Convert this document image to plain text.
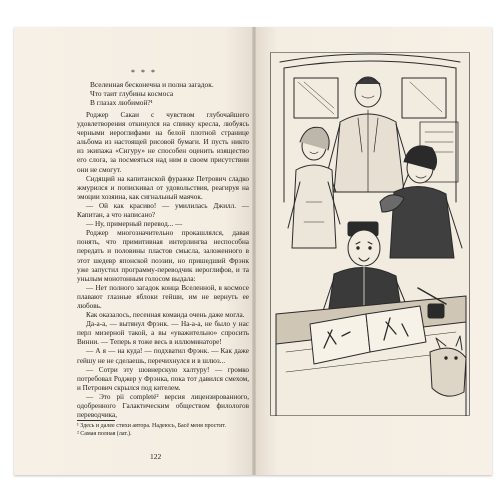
* * *
Вселенная бесконечна и полна загадок.
Что таит глубины космоса
В глазах любимой?¹

Роджер Сакаи с чувством глубочайшего удовлетворения откинулся на спинку кресла, любуясь черными иероглифами на белой плотной странице альбома из настоящей рисовой бумаги. И пусть никто из экипажа «Сигуру» не способен оценить изящество его слога, за посмеяться над ним в своем присутствии они не смогут.

Сидящий на капитанской фуражке Петрович сладко жмурился и попискивал от удовольствия, реагируя на эмоции хозяина, как сигнальный маячок.

— Ой как красиво! — умилилась Джилл. — Капитан, а что написано?

— Ну, примерный перевод... —

Роджер многозначительно прокашлялся, давая понять, что примитивная интерлингва неспособна передать и половины пластов смысла, заложенного в этот шедевр японской поэзии, но пришедший Фрэнк уже запустил программу-переводчик иероглифов, и та унылым монотонным голосом выдала:

— Нет полного загадок конца Вселенной, в космосе плавают глазные яблоки гейши, им не вернуть ее любовь.

Как оказалось, песенная команда очень даже могла.

Да-а-а, — вытянул Фрэнк. — На-а-а, не было у нас перл мизерной такой, а вы «уважительно» спросить Винни. — Теперь я тоже весь в иллюминаторе!

— А я — на куда! — подхватил Фрэнк. — Как даже гейшу не не сделаешь, перечихнулся и в шлюз...

— Сотри эту шовнерскую халтуру! — громко потребовал Роджер у Фрэнка, пока тот давился смехом, и Петрович скрылся под кителем.

— Это pii completé² версия лицензированного, одобренного Галактическим обществом филологов переводчика,

¹ Здесь и далее стихи автора. Надеюсь, Басё меня простит.
² Самая полная (лат.).
122
